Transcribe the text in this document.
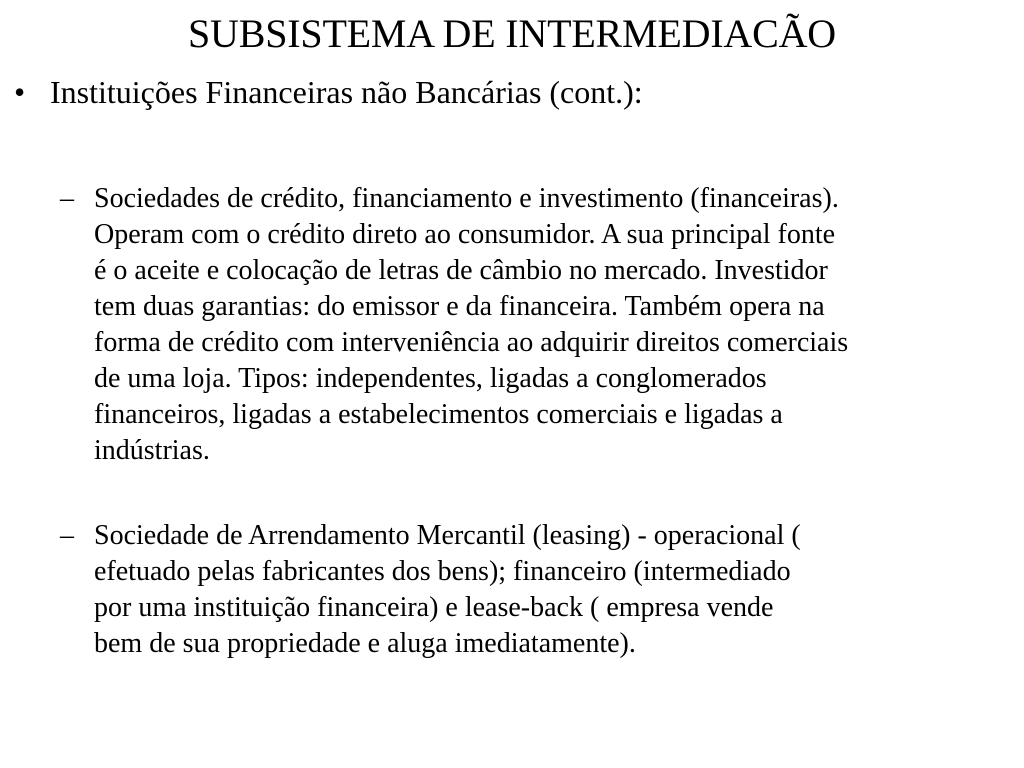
SUBSISTEMA DE INTERMEDIACÃO
• Instituições Financeiras não Bancárias (cont.):
– Sociedades de crédito, financiamento e investimento (financeiras).
Operam com o crédito direto ao consumidor. A sua principal fonte
é o aceite e colocação de letras de câmbio no mercado. Investidor
tem duas garantias: do emissor e da financeira. Também opera na
forma de crédito com interveniência ao adquirir direitos comerciais
de uma loja. Tipos: independentes, ligadas a conglomerados
financeiros, ligadas a estabelecimentos comerciais e ligadas a
indústrias.
– Sociedade de Arrendamento Mercantil (leasing) - operacional (
efetuado pelas fabricantes dos bens); financeiro (intermediado
por uma instituição financeira) e lease-back ( empresa vende
bem de sua propriedade e aluga imediatamente).
